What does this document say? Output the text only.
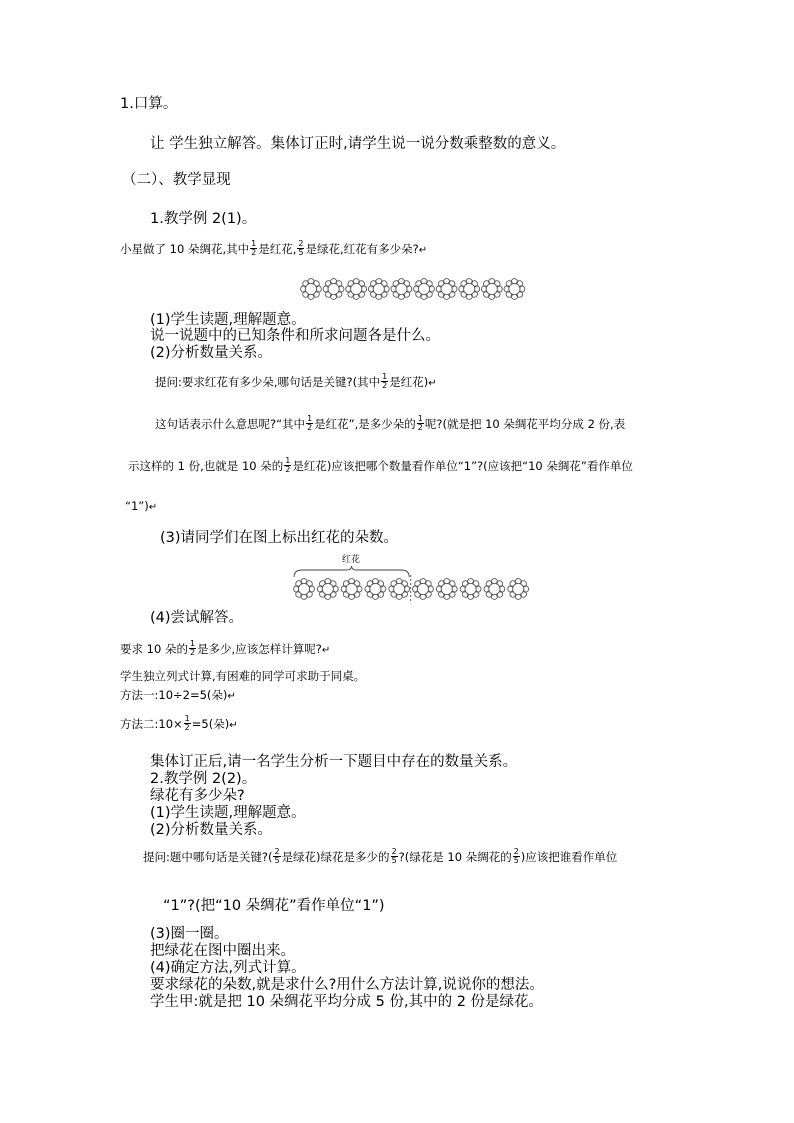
1.口算。
让 学生独立解答。集体订正时,请学生说一说分数乘整数的意义。
（二）、教学显现
1.教学例 2(1)。
小星做了 10 朵绸花,其中 $\frac{1}{2}$ 是红花, $\frac{2}{5}$ 是绿花,红花有多少朵?↵
(1)学生读题,理解题意。
说一说题中的已知条件和所求问题各是什么。
(2)分析数量关系。
提问:要求红花有多少朵,哪句话是关键?(其中 $\frac{1}{2}$ 是红花)↵
这句话表示什么意思呢?“其中 $\frac{1}{2}$ 是红花”,是多少朵的 $\frac{1}{2}$ 呢?(就是把 10 朵绸花平均分成 2 份,表
示这样的 1 份,也就是 10 朵的 $\frac{1}{2}$ 是红花)应该把哪个数量看作单位“1”?(应该把“10 朵绸花”看作单位
“1”)↵
(3)请同学们在图上标出红花的朵数。
红花
(4)尝试解答。
要求 10 朵的 $\frac{1}{2}$ 是多少,应该怎样计算呢?↵
学生独立列式计算,有困难的同学可求助于同桌。
方法一:10÷2=5(朵)↵
方法二:10× $\frac{1}{2} =5$(朵)↵
集体订正后,请一名学生分析一下题目中存在的数量关系。
2.教学例 2(2)。
绿花有多少朵?
(1)学生读题,理解题意。
(2)分析数量关系。
提问:题中哪句话是关键?( $\frac{2}{5}$ 是绿花)绿花是多少的 $\frac{2}{5}$ ?(绿花是 10 朵绸花的 $\frac{2}{5}$ )应该把谁看作单位
“1”?(把“10 朵绸花”看作单位“1”)
(3)圈一圈。
把绿花在图中圈出来。
(4)确定方法,列式计算。
要求绿花的朵数,就是求什么?用什么方法计算,说说你的想法。
学生甲:就是把 10 朵绸花平均分成 5 份,其中的 2 份是绿花。
